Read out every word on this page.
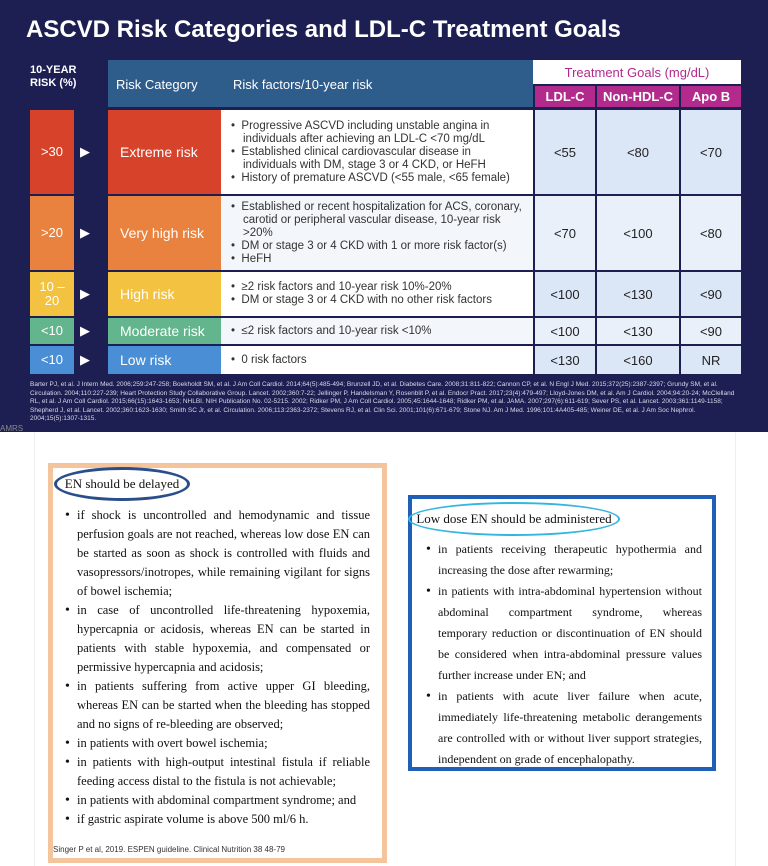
ASCVD Risk Categories and LDL-C Treatment Goals
10-YEAR RISK (%)	Risk Category	Risk factors/10-year risk
Treatment Goals (mg/dL)
LDL-C	Non-HDL-C	Apo B
>30	▶	Extreme risk
•  Progressive ASCVD including unstable angina in individuals after achieving an LDL-C <70 mg/dL
•  Established clinical cardiovascular disease in individuals with DM, stage 3 or 4 CKD, or HeFH
•  History of premature ASCVD (<55 male, <65 female)
<55	<80	<70
>20	▶	Very high risk
•  Established or recent hospitalization for ACS, coronary, carotid or peripheral vascular disease, 10-year risk >20%
•  DM or stage 3 or 4 CKD with 1 or more risk factor(s)
•  HeFH
<70	<100	<80
10 – 20	▶	High risk	•  ≥2 risk factors and 10-year risk 10%-20%
•  DM or stage 3 or 4 CKD with no other risk factors	<100	<130	<90
<10	▶	Moderate risk	•  ≤2 risk factors and 10-year risk <10%	<100	<130	<90
<10	▶	Low risk	•  0 risk factors	<130	<160	NR
Barter PJ, et al. J Intern Med. 2006;259:247-258; Boekholdt SM, et al. J Am Coll Cardiol. 2014;64(5):485-494; Brunzell JD, et al. Diabetes Care. 2008;31:811-822; Cannon CP, et al. N Engl J Med. 2015;372(25):2387-2397; Grundy SM, et al. Circulation. 2004;110:227-239; Heart Protection Study Collaborative Group. Lancet. 2002;360:7-22; Jellinger P, Handelsman Y, Rosenblit P, et al. Endocr Pract. 2017;23(4):479-497; Lloyd-Jones DM, et al. Am J Cardiol. 2004;94:20-24; McClelland RL, et al. J Am Coll Cardiol. 2015;66(15):1643-1653; NHLBI. NIH Publication No. 02-5215. 2002; Ridker PM, J Am Coll Cardiol. 2005;45:1644-1648; Ridker PM, et al. JAMA. 2007;297(6):611-619; Sever PS, et al. Lancet. 2003;361:1149-1158; Shepherd J, et al. Lancet. 2002;360:1623-1630; Smith SC Jr, et al. Circulation. 2006;113:2363-2372; Stevens RJ, et al. Clin Sci. 2001;101(6):671-679; Stone NJ. Am J Med. 1996;101:4A405-485; Weiner DE, et al. J Am Soc Nephrol. 2004;15(5):1307-1315.
AMRS
• if shock is uncontrolled and hemodynamic and tissue perfusion goals are not reached, whereas low dose EN can be started as soon as shock is controlled with fluids and vasopressors/inotropes, while remaining vigilant for signs of bowel ischemia;
• in case of uncontrolled life-threatening hypoxemia, hypercapnia or acidosis, whereas EN can be started in patients with stable hypoxemia, and compensated or permissive hypercapnia and acidosis;
• in patients suffering from active upper GI bleeding, whereas EN can be started when the bleeding has stopped and no signs of re-bleeding are observed;
• in patients with overt bowel ischemia;
• in patients with high-output intestinal fistula if reliable feeding access distal to the fistula is not achievable;
• in patients with abdominal compartment syndrome; and
• if gastric aspirate volume is above 500 ml/6 h.
EN should be delayed
• in patients receiving therapeutic hypothermia and increasing the dose after rewarming;
• in patients with intra-abdominal hypertension without abdominal compartment syndrome, whereas temporary reduction or discontinuation of EN should be considered when intra-abdominal pressure values further increase under EN; and
• in patients with acute liver failure when acute, immediately life-threatening metabolic derangements are controlled with or without liver support strategies, independent on grade of encephalopathy.
Low dose EN should be administered
Singer P et al, 2019. ESPEN guideline. Clinical Nutrition 38 48-79
